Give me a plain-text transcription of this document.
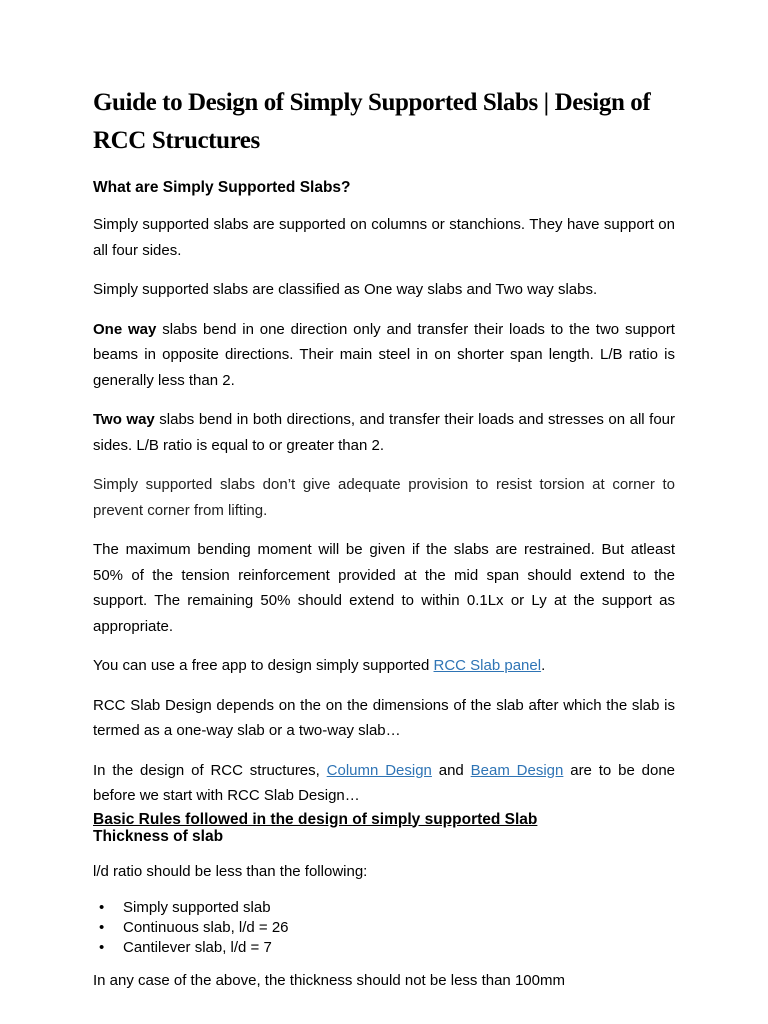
Guide to Design of Simply Supported Slabs | Design of RCC Structures
What are Simply Supported Slabs?

Simply supported slabs are supported on columns or stanchions. They have support on all four sides.

Simply supported slabs are classified as One way slabs and Two way slabs.

One way slabs bend in one direction only and transfer their loads to the two support beams in opposite directions. Their main steel in on shorter span length. L/B ratio is generally less than 2.

Two way slabs bend in both directions, and transfer their loads and stresses on all four sides. L/B ratio is equal to or greater than 2.

Simply supported slabs don’t give adequate provision to resist torsion at corner to prevent corner from lifting.

The maximum bending moment will be given if the slabs are restrained. But atleast 50% of the tension reinforcement provided at the mid span should extend to the support. The remaining 50% should extend to within 0.1Lx or Ly at the support as appropriate.

You can use a free app to design simply supported RCC Slab panel.

RCC Slab Design depends on the on the dimensions of the slab after which the slab is termed as a one-way slab or a two-way slab…

In the design of RCC structures, Column Design and Beam Design are to be done before we start with RCC Slab Design…

Basic Rules followed in the design of simply supported Slab
Thickness of slab

l/d ratio should be less than the following:

• Simply supported slab
• Continuous slab, l/d = 26
• Cantilever slab, l/d = 7

In any case of the above, the thickness should not be less than 100mm
